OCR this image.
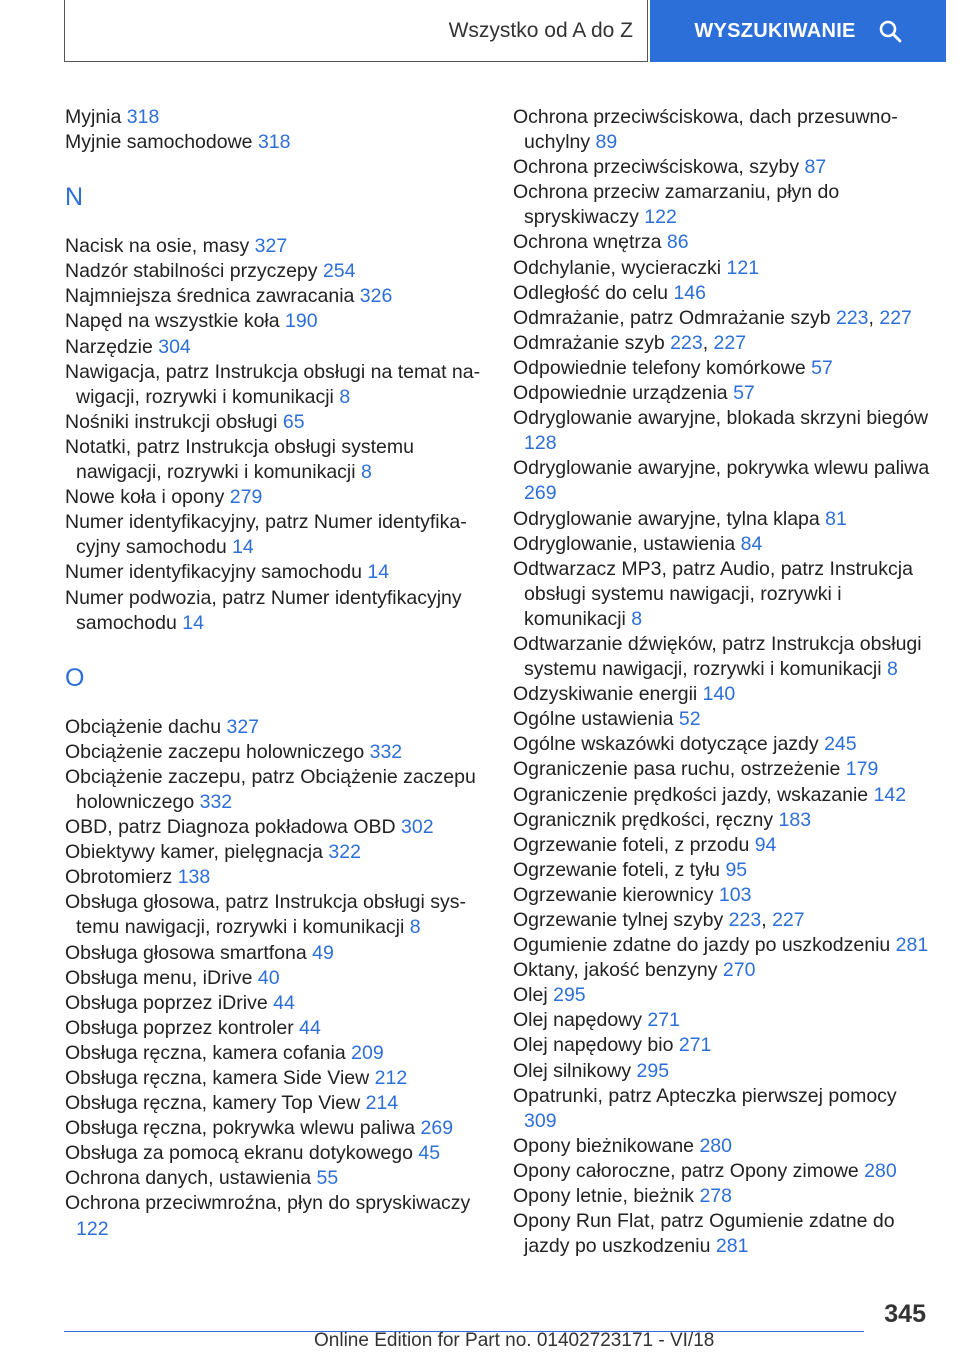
Wszystko od A do Z	WYSZUKIWANIE

Myjnia 318

Myjnie samochodowe 318

N

Nacisk na osie, masy 327

Nadzór stabilności przyczepy 254

Najmniejsza średnica zawracania 326

Napęd na wszystkie koła 190

Narzędzie 304

Nawigacja, patrz Instrukcja obsługi na temat nawigacji, rozrywki i komunikacji 8

Nośniki instrukcji obsługi 65

Notatki, patrz Instrukcja obsługi systemu nawigacji, rozrywki i komunikacji 8

Nowe koła i opony 279

Numer identyfikacyjny, patrz Numer identyfikacyjny samochodu 14

Numer identyfikacyjny samochodu 14

Numer podwozia, patrz Numer identyfikacyjny samochodu 14

O

Obciążenie dachu 327

Obciążenie zaczepu holowniczego 332

Obciążenie zaczepu, patrz Obciążenie zaczepu holowniczego 332

OBD, patrz Diagnoza pokładowa OBD 302

Obiektywy kamer, pielęgnacja 322

Obrotomierz 138

Obsługa głosowa, patrz Instrukcja obsługi systemu nawigacji, rozrywki i komunikacji 8

Obsługa głosowa smartfona 49

Obsługa menu, iDrive 40

Obsługa poprzez iDrive 44

Obsługa poprzez kontroler 44

Obsługa ręczna, kamera cofania 209

Obsługa ręczna, kamera Side View 212

Obsługa ręczna, kamery Top View 214

Obsługa ręczna, pokrywka wlewu paliwa 269

Obsługa za pomocą ekranu dotykowego 45

Ochrona danych, ustawienia 55

Ochrona przeciwmroźna, płyn do spryskiwaczy 122

Ochrona przeciwściskowa, dach przesuwnouchylny 89

Ochrona przeciwściskowa, szyby 87

Ochrona przeciw zamarzaniu, płyn do spryskiwaczy 122

Ochrona wnętrza 86

Odchylanie, wycieraczki 121

Odległość do celu 146

Odmrażanie, patrz Odmrażanie szyb 223, 227

Odmrażanie szyb 223, 227

Odpowiednie telefony komórkowe 57

Odpowiednie urządzenia 57

Odryglowanie awaryjne, blokada skrzyni biegów 128

Odryglowanie awaryjne, pokrywka wlewu paliwa 269

Odryglowanie awaryjne, tylna klapa 81

Odryglowanie, ustawienia 84

Odtwarzacz MP3, patrz Audio, patrz Instrukcja obsługi systemu nawigacji, rozrywki i komunikacji 8

Odtwarzanie dźwięków, patrz Instrukcja obsługi systemu nawigacji, rozrywki i komunikacji 8

Odzyskiwanie energii 140

Ogólne ustawienia 52

Ogólne wskazówki dotyczące jazdy 245

Ograniczenie pasa ruchu, ostrzeżenie 179

Ograniczenie prędkości jazdy, wskazanie 142

Ogranicznik prędkości, ręczny 183

Ogrzewanie foteli, z przodu 94

Ogrzewanie foteli, z tyłu 95

Ogrzewanie kierownicy 103

Ogrzewanie tylnej szyby 223, 227

Ogumienie zdatne do jazdy po uszkodzeniu 281

Oktany, jakość benzyny 270

Olej 295

Olej napędowy 271

Olej napędowy bio 271

Olej silnikowy 295

Opatrunki, patrz Apteczka pierwszej pomocy 309

Opony bieżnikowane 280

Opony całoroczne, patrz Opony zimowe 280

Opony letnie, bieżnik 278

Opony Run Flat, patrz Ogumienie zdatne do jazdy po uszkodzeniu 281

345
Online Edition for Part no. 01402723171 - VI/18
